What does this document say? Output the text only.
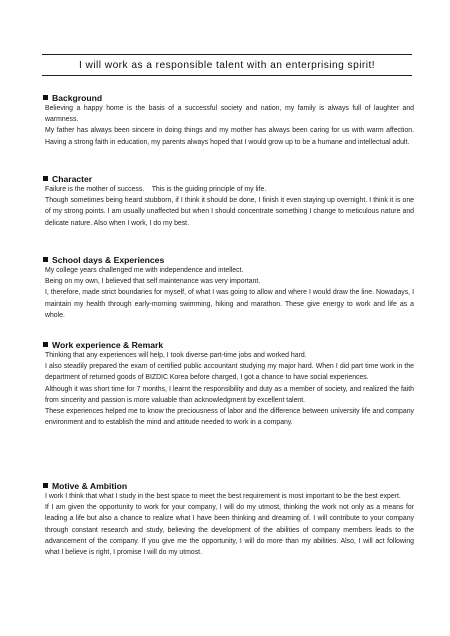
I will work as a responsible talent with an enterprising spirit!
Background

Believing a happy home is the basis of a successful society and nation, my family is always full of laughter and warmness.

My father has always been sincere in doing things and my mother has always been caring for us with warm affection. Having a strong faith in education, my parents always hoped that I would grow up to be a humane and intellectual adult.

Character

Failure is the mother of success.    This is the guiding principle of my life.

Though sometimes being heard stubborn, if I think it should be done, I finish it even staying up overnight. I think it is one of my strong points. I am usually unaffected but when I should concentrate something I change to meticulous nature and delicate nature. Also when I work, I do my best.

School days & Experiences

My college years challenged me with independence and intellect.

Being on my own, I believed that self maintenance was very important.

I, therefore, made strict boundaries for myself, of what I was going to allow and where I would draw the line. Nowadays, I maintain my health through early-morning swimming, hiking and marathon. These give energy to work and life as a whole.

Work experience & Remark

Thinking that any experiences will help, I took diverse part-time jobs and worked hard.

I also steadily prepared the exam of certified public accountant studying my major hard. When I did part time work in the department of returned goods of BIZDIC Korea before charged, I got a chance to have social experiences.

Although it was short time for 7 months, I learnt the responsibility and duty as a member of society, and realized the faith from sincerity and passion is more valuable than acknowledgment by excellent talent.

These experiences helped me to know the preciousness of labor and the difference between university life and company environment and to establish the mind and attitude needed to work in a company.

Motive & Ambition

I work I think that what I study in the best space to meet the best requirement is most important to be the best expert.

If I am given the opportunity to work for your company, I will do my utmost, thinking the work not only as a means for leading a life but also a chance to realize what I have been thinking and dreaming of. I will contribute to your company through constant research and study, believing the development of the abilities of company members leads to the advancement of the company. If you give me the opportunity, I will do more than my abilities. Also, I will act following what I believe is right, I promise I will do my utmost.
